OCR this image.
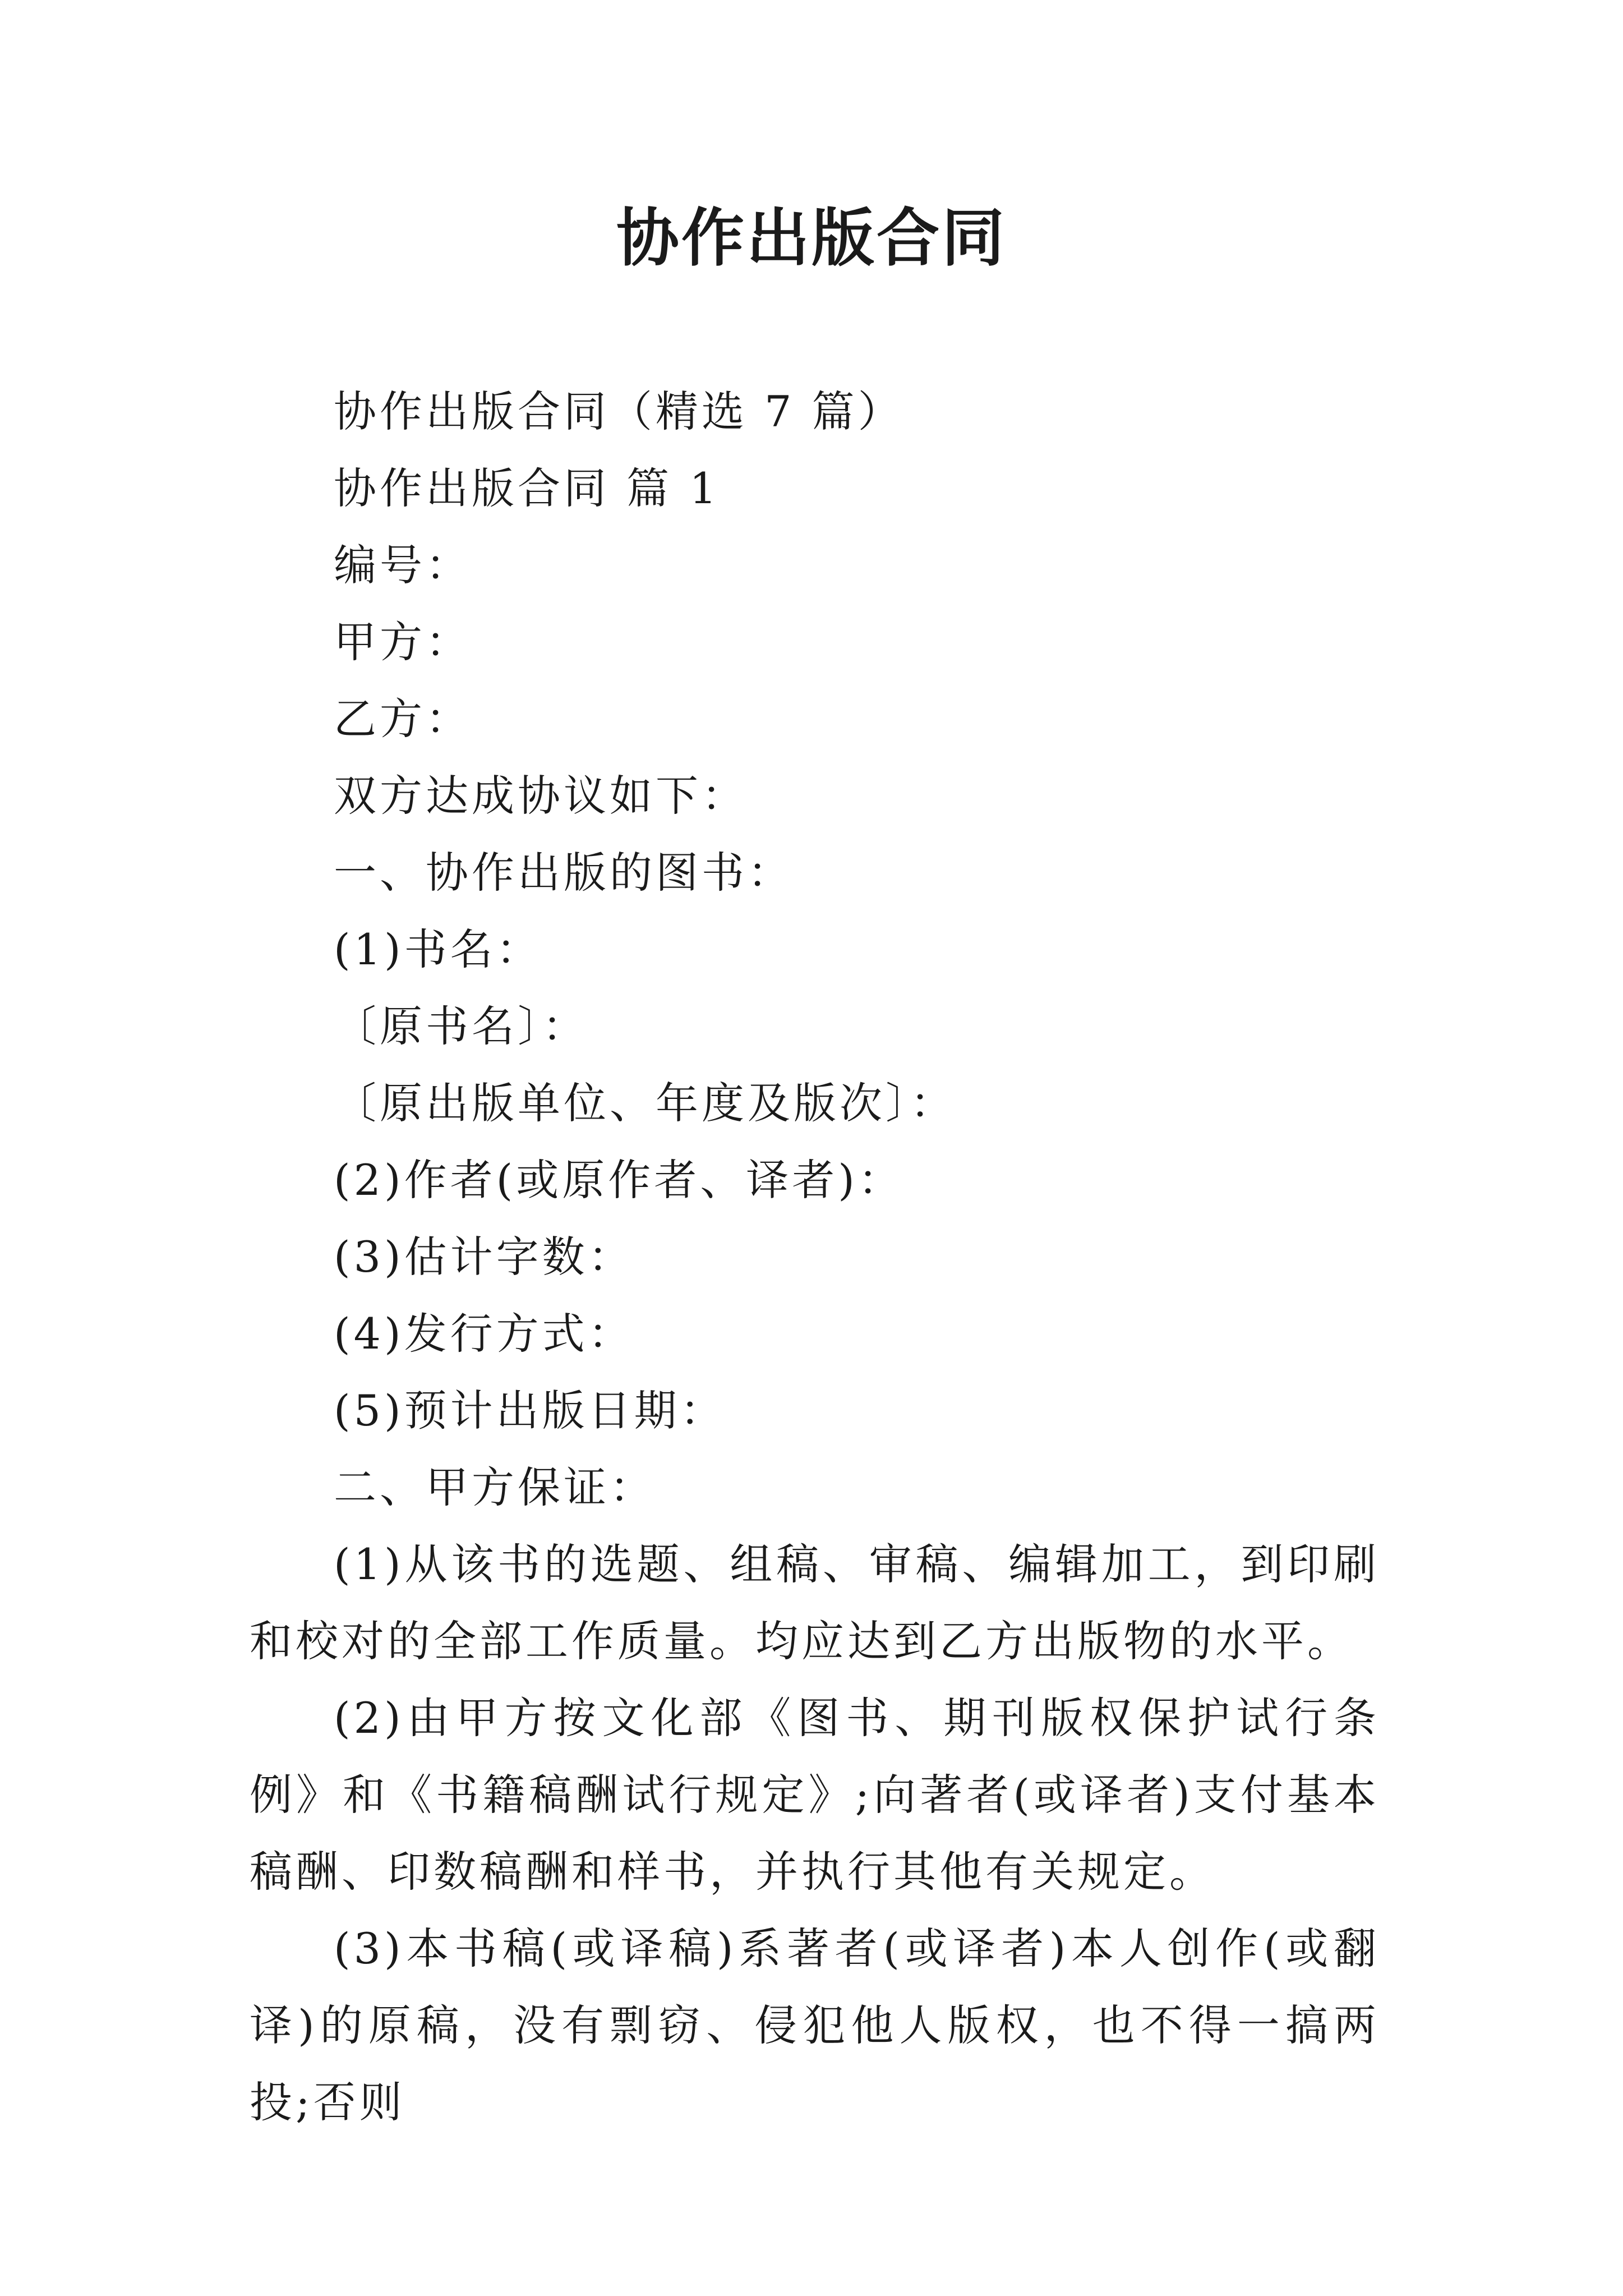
协作出版合同

协作出版合同（精选 7 篇）

协作出版合同 篇 1

编号：

甲方：

乙方：

双方达成协议如下：

一、协作出版的图书：

(1)书名：

〔原书名〕：

〔原出版单位、年度及版次〕：

(2)作者(或原作者、译者)：

(3)估计字数：

(4)发行方式：

(5)预计出版日期：

二、甲方保证：

(1)从该书的选题、组稿、审稿、编辑加工，到印刷和校对的全部工作质量。均应达到乙方出版物的水平。

(2)由甲方按文化部《图书、期刊版权保护试行条例》和《书籍稿酬试行规定》;向著者(或译者)支付基本稿酬、印数稿酬和样书，并执行其他有关规定。

(3)本书稿(或译稿)系著者(或译者)本人创作(或翻译)的原稿，没有剽窃、侵犯他人版权，也不得一搞两投;否则
